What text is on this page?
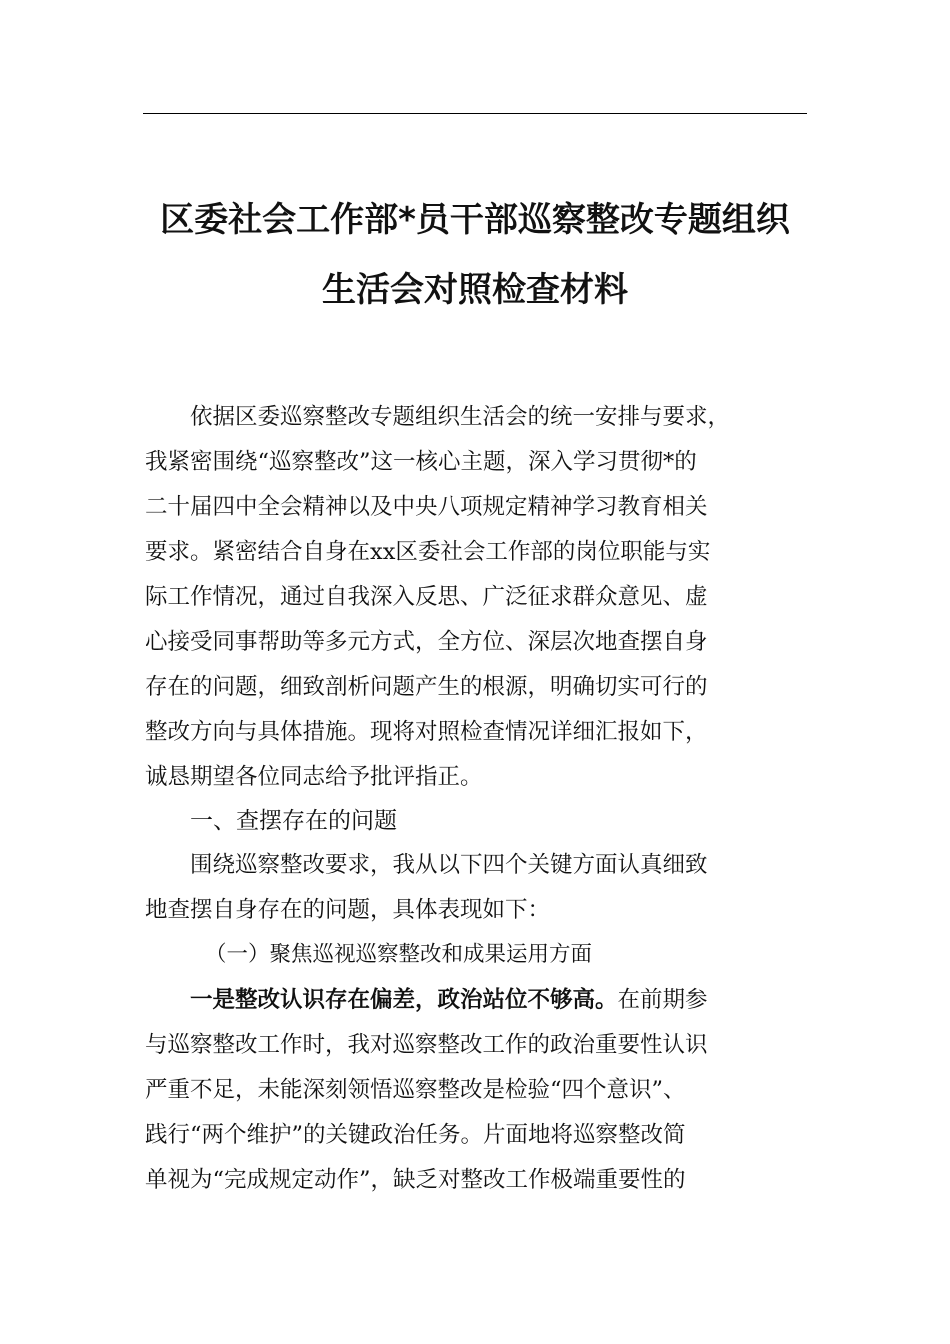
区委社会工作部*员干部巡察整改专题组织
生活会对照检查材料
依据区委巡察整改专题组织生活会的统一安排与要求，
我紧密围绕“巡察整改”这一核心主题，深入学习贯彻*的
二十届四中全会精神以及中央八项规定精神学习教育相关
要求。紧密结合自身在xx区委社会工作部的岗位职能与实
际工作情况，通过自我深入反思、广泛征求群众意见、虚
心接受同事帮助等多元方式，全方位、深层次地查摆自身
存在的问题，细致剖析问题产生的根源，明确切实可行的
整改方向与具体措施。现将对照检查情况详细汇报如下，
诚恳期望各位同志给予批评指正。
一、查摆存在的问题
围绕巡察整改要求，我从以下四个关键方面认真细致
地查摆自身存在的问题，具体表现如下：
（一）聚焦巡视巡察整改和成果运用方面
一是整改认识存在偏差，政治站位不够高。在前期参
与巡察整改工作时，我对巡察整改工作的政治重要性认识
严重不足，未能深刻领悟巡察整改是检验“四个意识”、
践行“两个维护”的关键政治任务。片面地将巡察整改简
单视为“完成规定动作”，缺乏对整改工作极端重要性的
